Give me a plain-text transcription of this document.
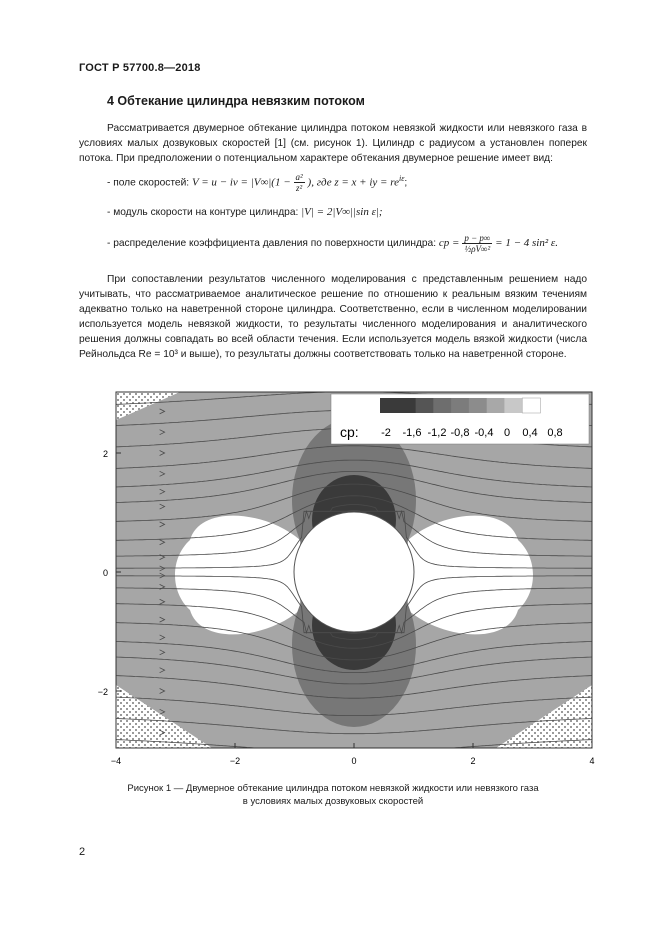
ГОСТ Р 57700.8—2018
4 Обтекание цилиндра невязким потоком

Рассматривается двумерное обтекание цилиндра потоком невязкой жидкости или невязкого газа в условиях малых дозвуковых скоростей [1] (см. рисунок 1). Цилиндр с радиусом a установлен поперек потока. При предположении о потенциальном характере обтекания двумерное решение имеет вид:

- поле скоростей: V = u − iv = $|V\infty|(1 - \frac{\text{a²}}{\text{z²}}$ ), где z = x + iy = $re^{i\varepsilon}$;
- модуль скорости на контуре цилиндра: |V| = 2|V∞||sin ε|;
- распределение коэффициента давления по поверхности цилиндра: cp = $\frac{p - p\infty}{\text{½ρV∞²}} = 1 - 4$ sin² ε.

При сопоставлении результатов численного моделирования с представленным решением надо учитывать, что рассматриваемое аналитическое решение по отношению к реальным вязким течениям адекватно только на наветренной стороне цилиндра. Соответственно, если в численном моделировании используется модель невязкой жидкости, то результаты численного моделирования и аналитического решения должны совпадать во всей области течения. Если используется модель вязкой жидкости (числа Рейнольдса Re = 10³ и выше), то результаты должны соответствовать только на наветренной стороне.

cp: -2 -1,6 -1,2 -0,8 -0,4 0 0,4 0,8
2
0
−2
−4	−2	0	2	4
Рисунок 1 — Двумерное обтекание цилиндра потоком невязкой жидкости или невязкого газа
в условиях малых дозвуковых скоростей
2
